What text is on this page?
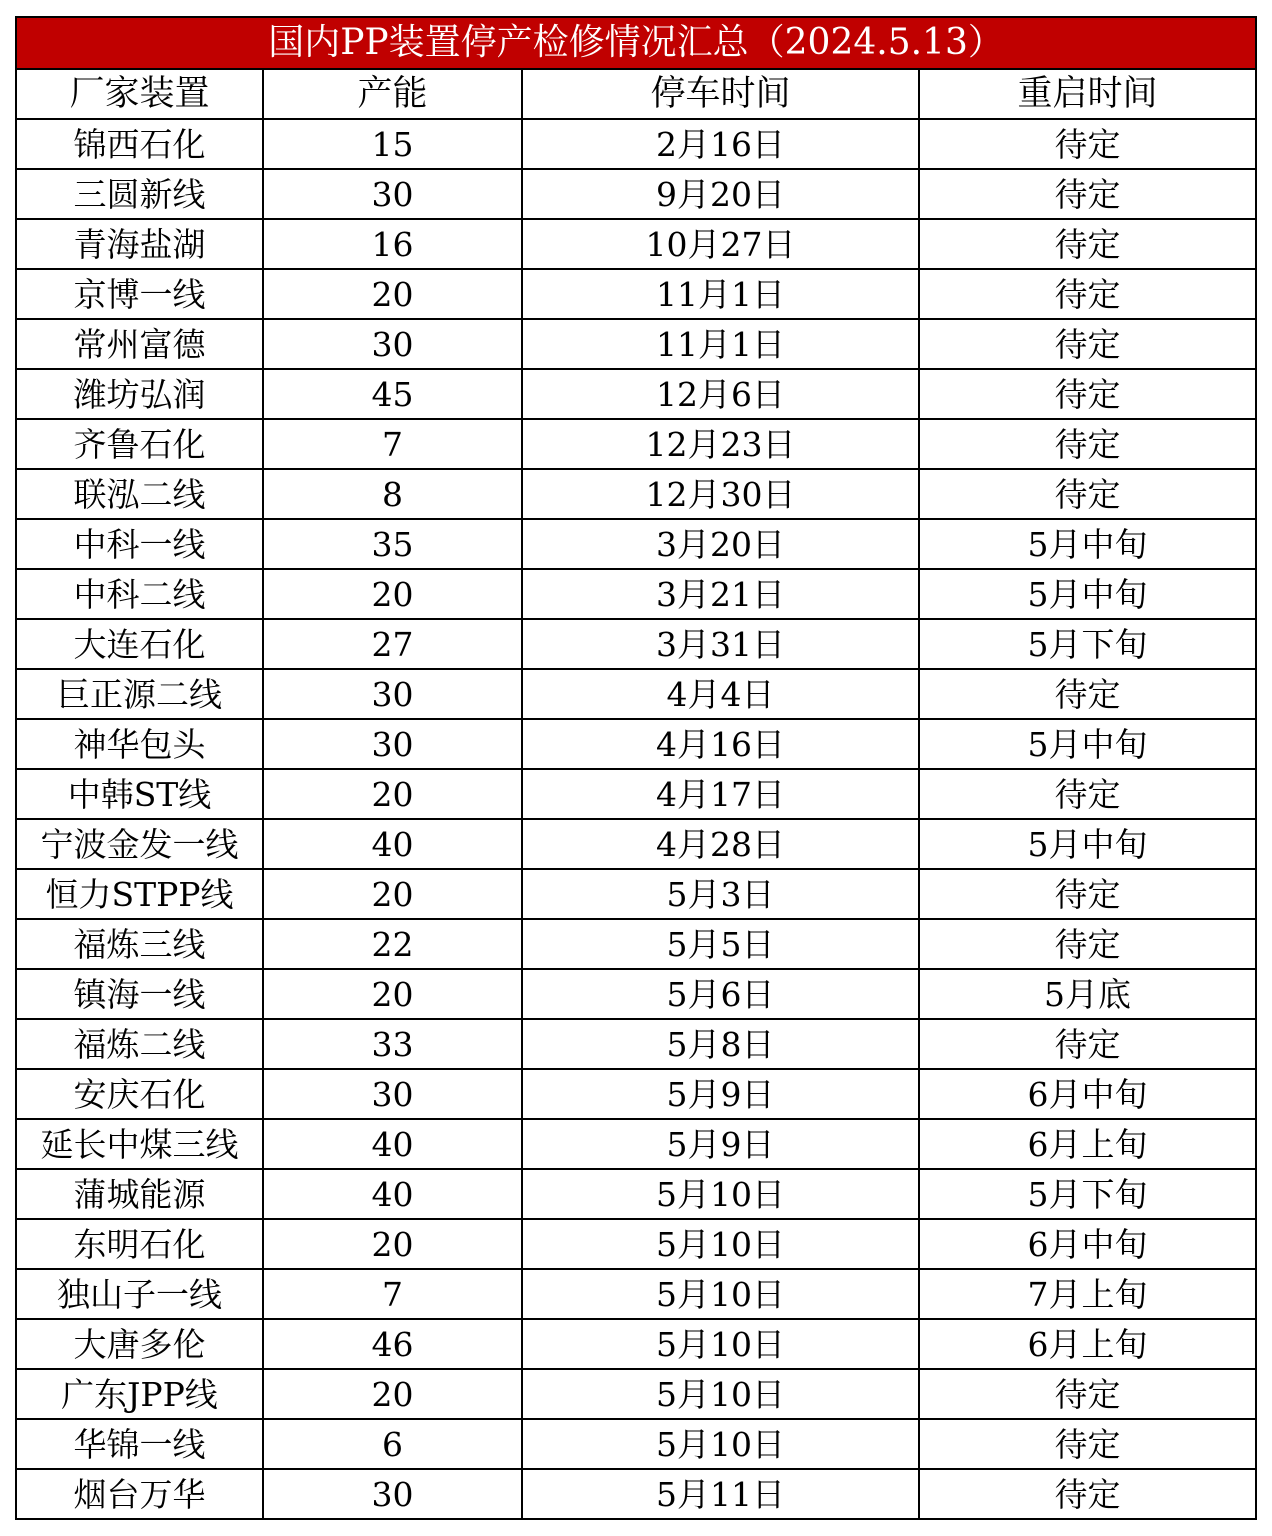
国内PP装置停产检修情况汇总（2024.5.13）			
厂家装置	产能	停车时间	重启时间
锦西石化	15	2月16日	待定
三圆新线	30	9月20日	待定
青海盐湖	16	10月27日	待定
京博一线	20	11月1日	待定
常州富德	30	11月1日	待定
潍坊弘润	45	12月6日	待定
齐鲁石化	7	12月23日	待定
联泓二线	8	12月30日	待定
中科一线	35	3月20日	5月中旬
中科二线	20	3月21日	5月中旬
大连石化	27	3月31日	5月下旬
巨正源二线	30	4月4日	待定
神华包头	30	4月16日	5月中旬
中韩ST线	20	4月17日	待定
宁波金发一线	40	4月28日	5月中旬
恒力STPP线	20	5月3日	待定
福炼三线	22	5月5日	待定
镇海一线	20	5月6日	5月底
福炼二线	33	5月8日	待定
安庆石化	30	5月9日	6月中旬
延长中煤三线	40	5月9日	6月上旬
蒲城能源	40	5月10日	5月下旬
东明石化	20	5月10日	6月中旬
独山子一线	7	5月10日	7月上旬
大唐多伦	46	5月10日	6月上旬
广东JPP线	20	5月10日	待定
华锦一线	6	5月10日	待定
烟台万华	30	5月11日	待定
